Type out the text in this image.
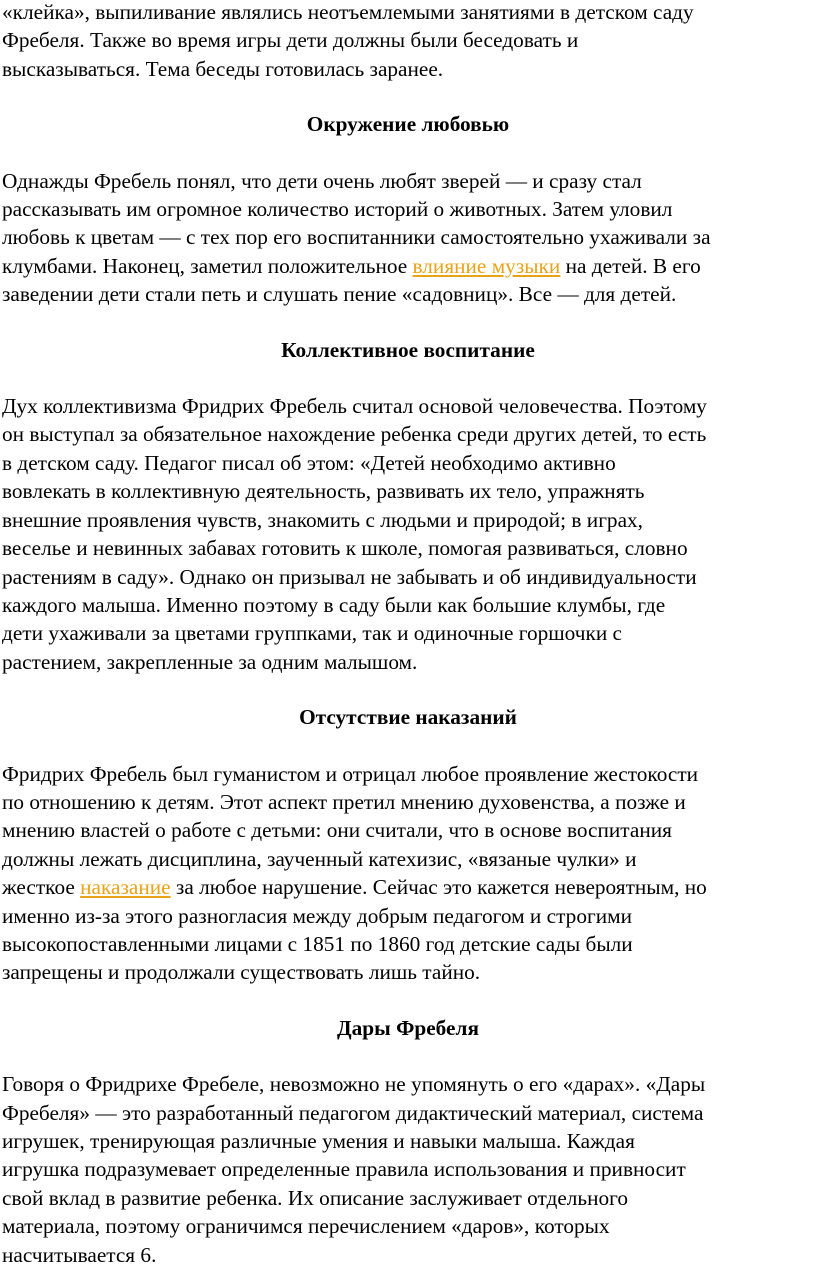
«клейка», выпиливание являлись неотъемлемыми занятиями в детском саду
Фребеля. Также во время игры дети должны были беседовать и
высказываться. Тема беседы готовилась заранее.

Окружение любовью

Однажды Фребель понял, что дети очень любят зверей — и сразу стал
рассказывать им огромное количество историй о животных. Затем уловил
любовь к цветам — с тех пор его воспитанники самостоятельно ухаживали за
клумбами. Наконец, заметил положительное влияние музыки на детей. В его
заведении дети стали петь и слушать пение «садовниц». Все — для детей.

Коллективное воспитание

Дух коллективизма Фридрих Фребель считал основой человечества. Поэтому
он выступал за обязательное нахождение ребенка среди других детей, то есть
в детском саду. Педагог писал об этом: «Детей необходимо активно
вовлекать в коллективную деятельность, развивать их тело, упражнять
внешние проявления чувств, знакомить с людьми и природой; в играх,
веселье и невинных забавах готовить к школе, помогая развиваться, словно
растениям в саду». Однако он призывал не забывать и об индивидуальности
каждого малыша. Именно поэтому в саду были как большие клумбы, где
дети ухаживали за цветами группками, так и одиночные горшочки с
растением, закрепленные за одним малышом.

Отсутствие наказаний

Фридрих Фребель был гуманистом и отрицал любое проявление жестокости
по отношению к детям. Этот аспект претил мнению духовенства, а позже и
мнению властей о работе с детьми: они считали, что в основе воспитания
должны лежать дисциплина, заученный катехизис, «вязаные чулки» и
жесткое наказание за любое нарушение. Сейчас это кажется невероятным, но
именно из-за этого разногласия между добрым педагогом и строгими
высокопоставленными лицами с 1851 по 1860 год детские сады были
запрещены и продолжали существовать лишь тайно.

Дары Фребеля

Говоря о Фридрихе Фребеле, невозможно не упомянуть о его «дарах». «Дары
Фребеля» — это разработанный педагогом дидактический материал, система
игрушек, тренирующая различные умения и навыки малыша. Каждая
игрушка подразумевает определенные правила использования и привносит
свой вклад в развитие ребенка. Их описание заслуживает отдельного
материала, поэтому ограничимся перечислением «даров», которых
насчитывается 6.
